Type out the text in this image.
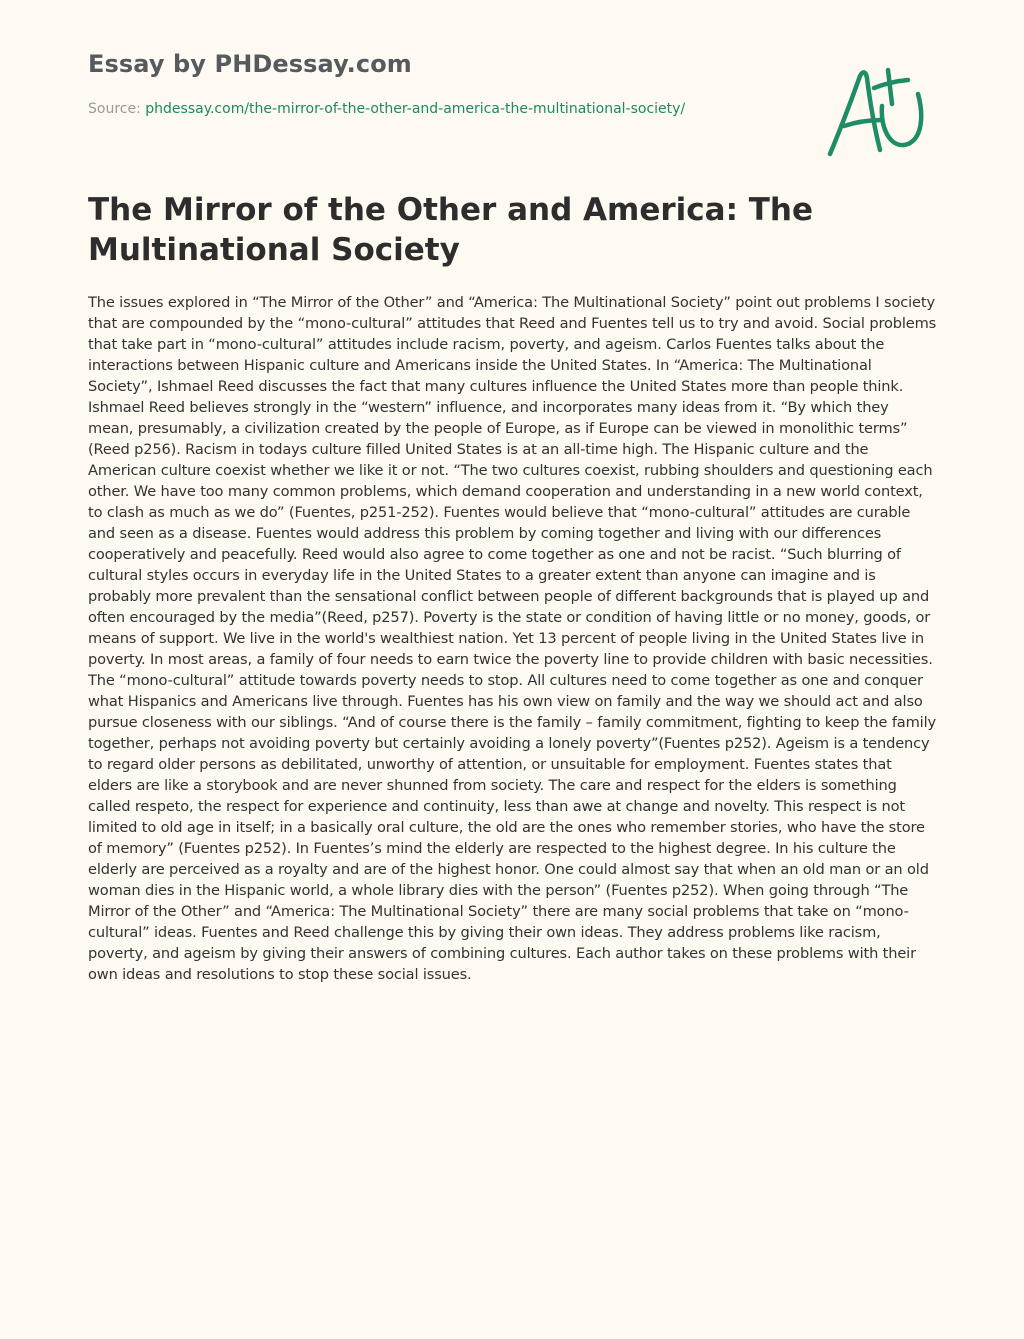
Essay by PHDessay.com
Source: phdessay.com/the-mirror-of-the-other-and-america-the-multinational-society/
The Mirror of the Other and America: The Multinational Society

The issues explored in “The Mirror of the Other” and “America: The Multinational Society” point out problems I society that are compounded by the “mono-cultural” attitudes that Reed and Fuentes tell us to try and avoid. Social problems that take part in “mono-cultural” attitudes include racism, poverty, and ageism. Carlos Fuentes talks about the interactions between Hispanic culture and Americans inside the United States. In “America: The Multinational Society”, Ishmael Reed discusses the fact that many cultures influence the United States more than people think. Ishmael Reed believes strongly in the “western” influence, and incorporates many ideas from it. “By which they mean, presumably, a civilization created by the people of Europe, as if Europe can be viewed in monolithic terms” (Reed p256). Racism in todays culture filled United States is at an all-time high. The Hispanic culture and the American culture coexist whether we like it or not. “The two cultures coexist, rubbing shoulders and questioning each other. We have too many common problems, which demand cooperation and understanding in a new world context, to clash as much as we do” (Fuentes, p251-252). Fuentes would believe that “mono-cultural” attitudes are curable and seen as a disease. Fuentes would address this problem by coming together and living with our differences cooperatively and peacefully. Reed would also agree to come together as one and not be racist. “Such blurring of cultural styles occurs in everyday life in the United States to a greater extent than anyone can imagine and is probably more prevalent than the sensational conflict between people of different backgrounds that is played up and often encouraged by the media”(Reed, p257). Poverty is the state or condition of having little or no money, goods, or means of support. We live in the world's wealthiest nation. Yet 13 percent of people living in the United States live in poverty. In most areas, a family of four needs to earn twice the poverty line to provide children with basic necessities. The “mono-cultural” attitude towards poverty needs to stop. All cultures need to come together as one and conquer what Hispanics and Americans live through. Fuentes has his own view on family and the way we should act and also pursue closeness with our siblings. “And of course there is the family – family commitment, fighting to keep the family together, perhaps not avoiding poverty but certainly avoiding a lonely poverty”(Fuentes p252). Ageism is a tendency to regard older persons as debilitated, unworthy of attention, or unsuitable for employment. Fuentes states that elders are like a storybook and are never shunned from society. The care and respect for the elders is something called respeto, the respect for experience and continuity, less than awe at change and novelty. This respect is not limited to old age in itself; in a basically oral culture, the old are the ones who remember stories, who have the store of memory” (Fuentes p252). In Fuentes’s mind the elderly are respected to the highest degree. In his culture the elderly are perceived as a royalty and are of the highest honor. One could almost say that when an old man or an old woman dies in the Hispanic world, a whole library dies with the person” (Fuentes p252). When going through “The Mirror of the Other” and “America: The Multinational Society” there are many social problems that take on “mono-cultural” ideas. Fuentes and Reed challenge this by giving their own ideas. They address problems like racism, poverty, and ageism by giving their answers of combining cultures. Each author takes on these problems with their own ideas and resolutions to stop these social issues.
